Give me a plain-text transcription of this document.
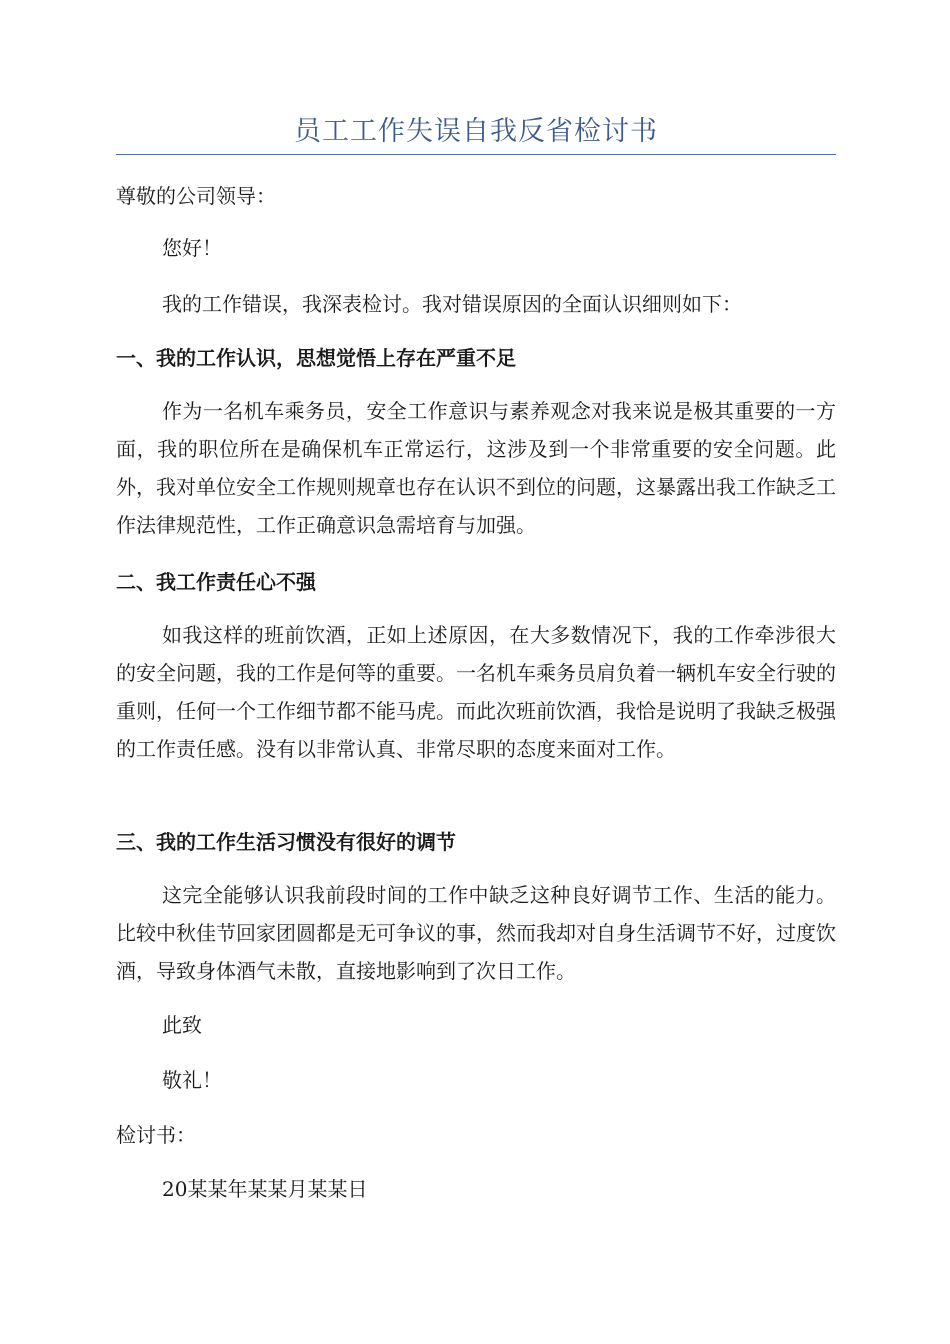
员工工作失误自我反省检讨书
尊敬的公司领导：
您好！
我的工作错误，我深表检讨。我对错误原因的全面认识细则如下：
一、我的工作认识，思想觉悟上存在严重不足

作为一名机车乘务员，安全工作意识与素养观念对我来说是极其重要的一方面，我的职位所在是确保机车正常运行，这涉及到一个非常重要的安全问题。此外，我对单位安全工作规则规章也存在认识不到位的问题，这暴露出我工作缺乏工作法律规范性，工作正确意识急需培育与加强。

二、我工作责任心不强

如我这样的班前饮酒，正如上述原因，在大多数情况下，我的工作牵涉很大的安全问题，我的工作是何等的重要。一名机车乘务员肩负着一辆机车安全行驶的重则，任何一个工作细节都不能马虎。而此次班前饮酒，我恰是说明了我缺乏极强的工作责任感。没有以非常认真、非常尽职的态度来面对工作。

三、我的工作生活习惯没有很好的调节

这完全能够认识我前段时间的工作中缺乏这种良好调节工作、生活的能力。比较中秋佳节回家团圆都是无可争议的事，然而我却对自身生活调节不好，过度饮酒，导致身体酒气未散，直接地影响到了次日工作。

此致
敬礼！
检讨书：
20某某年某某月某某日
